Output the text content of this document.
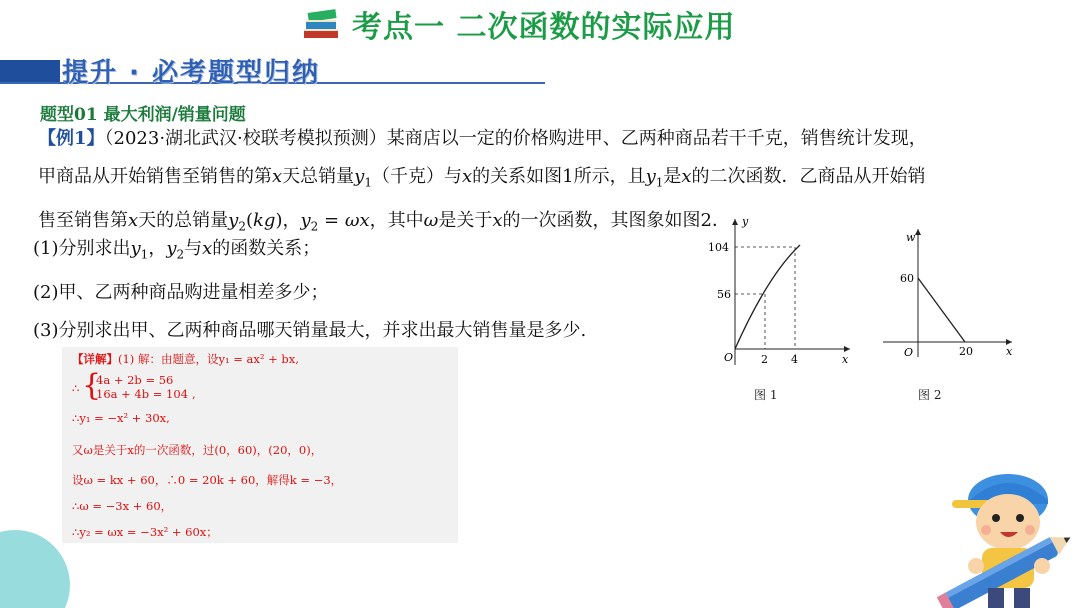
考点一 二次函数的实际应用
提升 · 必考题型归纳
题型01 最大利润/销量问题
【例1】（2023·湖北武汉·校联考模拟预测）某商店以一定的价格购进甲、乙两种商品若干千克，销售统计发现，
甲商品从开始销售至销售的第x天总销量$y_1$（千克）与x的关系如图1所示，且$y_1$是x的二次函数．乙商品从开始销
售至销售第x天的总销量$y_2(kg)$，$y_2 = \omega x$，其中ω是关于x的一次函数，其图象如图2．
(1)分别求出$y_1$，$y_2$与x的函数关系；
(2)甲、乙两种商品购进量相差多少；
(3)分别求出甲、乙两种商品哪天销量最大，并求出最大销售量是多少.
【详解】(1) 解：由题意，设y₁ = ax² + bx,
∴ {
4a + 2b = 56
16a + 4b = 104 ,
∴y₁ = −x² + 30x,
又ω是关于x的一次函数，过(0，60)，(20，0)，
设ω = kx + 60，∴0 = 20k + 60，解得k = −3，
∴ω = −3x + 60，
∴y₂ = ωx = −3x² + 60x；
y
x
O
104
56
2 4
图 1
w
x
O
60
20
图 2
